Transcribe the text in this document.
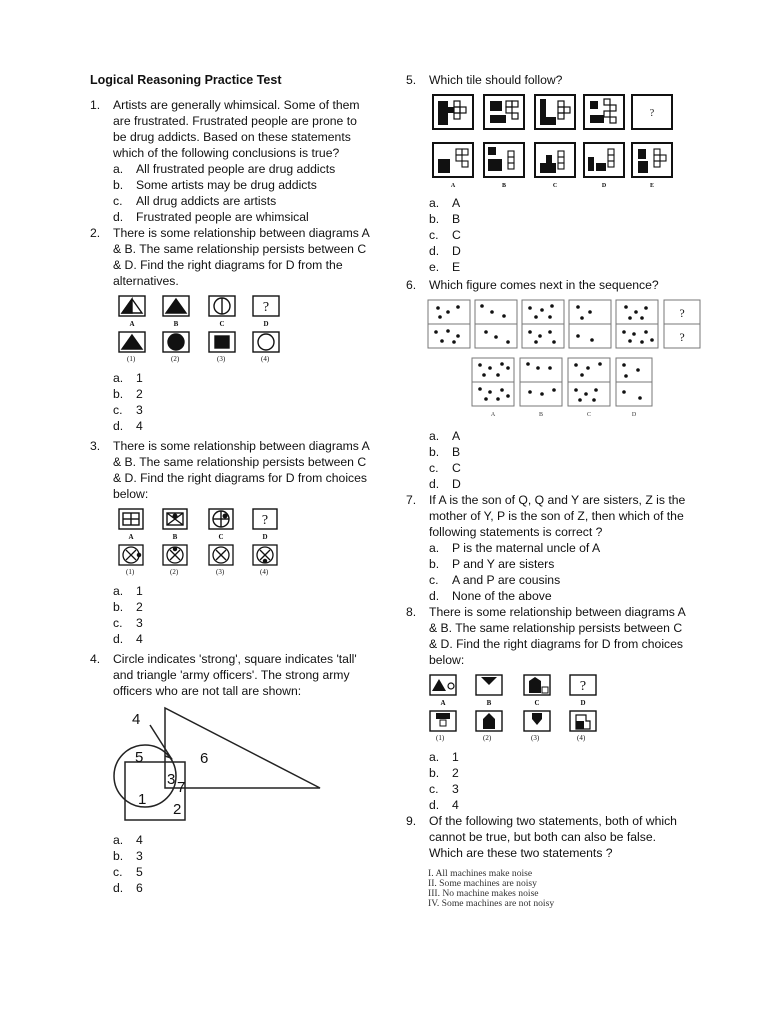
Logical Reasoning Practice Test
1.	Artists are generally whimsical. Some of them are frustrated. Frustrated people are prone to be drug addicts. Based on these statements which of the following conclusions is true?
a.	All frustrated people are drug addicts
b.	Some artists may be drug addicts
c.	All drug addicts are artists
d.	Frustrated people are whimsical
2.	There is some relationship between diagrams A & B. The same relationship persists between C & D. Find the right diagrams for D from the alternatives.
?
A	B	C	D
(1)	(2)	(3)	(4)
a.	1
b.	2
c.	3
d.	4
3.	There is some relationship between diagrams A & B. The same relationship persists between C & D. Find the right diagrams for D from choices below:
?
A	B	C	D
(1)	(2)	(3)	(4)
a.	1
b.	2
c.	3
d.	4
4.	Circle indicates 'strong', square indicates 'tall' and triangle 'army officers'. The strong army officers who are not tall are shown:
4
5
3
6
7
1
2
a.	4
b.	3
c.	5
d.	6
5.	Which tile should follow?
?
A	B	C	D	E
a.	A
b.	B
c.	C
d.	D
e.	E
6.	Which figure comes next in the sequence?
?
?
A	B	C	D
a.	A
b.	B
c.	C
d.	D
7.	If A is the son of Q, Q and Y are sisters, Z is the mother of Y, P is the son of Z, then which of the following statements is correct ?
a.	P is the maternal uncle of A
b.	P and Y are sisters
c.	A and P are cousins
d.	None of the above
8.	There is some relationship between diagrams A & B. The same relationship persists between C & D. Find the right diagrams for D from choices below:
?
A	B	C	D
(1)	(2)	(3)	(4)
a.	1
b.	2
c.	3
d.	4
9.	Of the following two statements, both of which cannot be true, but both can also be false. Which are these two statements ?
I. All machines make noise
II. Some machines are noisy
III. No machine makes noise
IV. Some machines are not noisy
